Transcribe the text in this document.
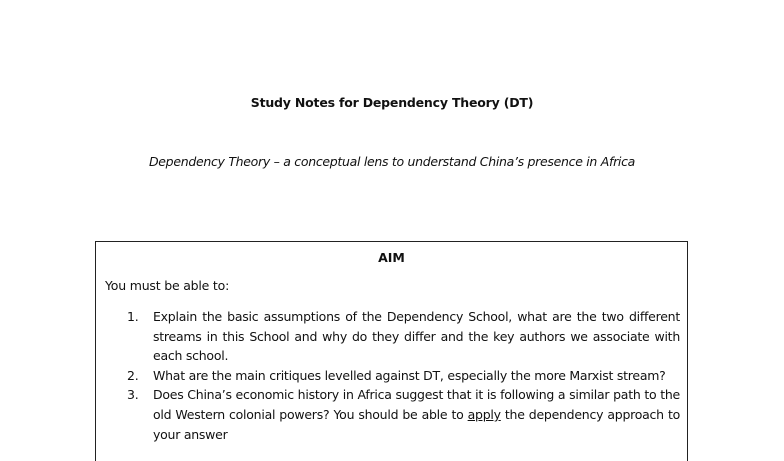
Study Notes for Dependency Theory (DT)
Dependency Theory – a conceptual lens to understand China’s presence in Africa
AIM
You must be able to:
1. Explain the basic assumptions of the Dependency School, what are the two different streams in this School and why do they differ and the key authors we associate with each school.
2. What are the main critiques levelled against DT, especially the more Marxist stream?
3. Does China’s economic history in Africa suggest that it is following a similar path to the old Western colonial powers? You should be able to apply the dependency approach to your answer
